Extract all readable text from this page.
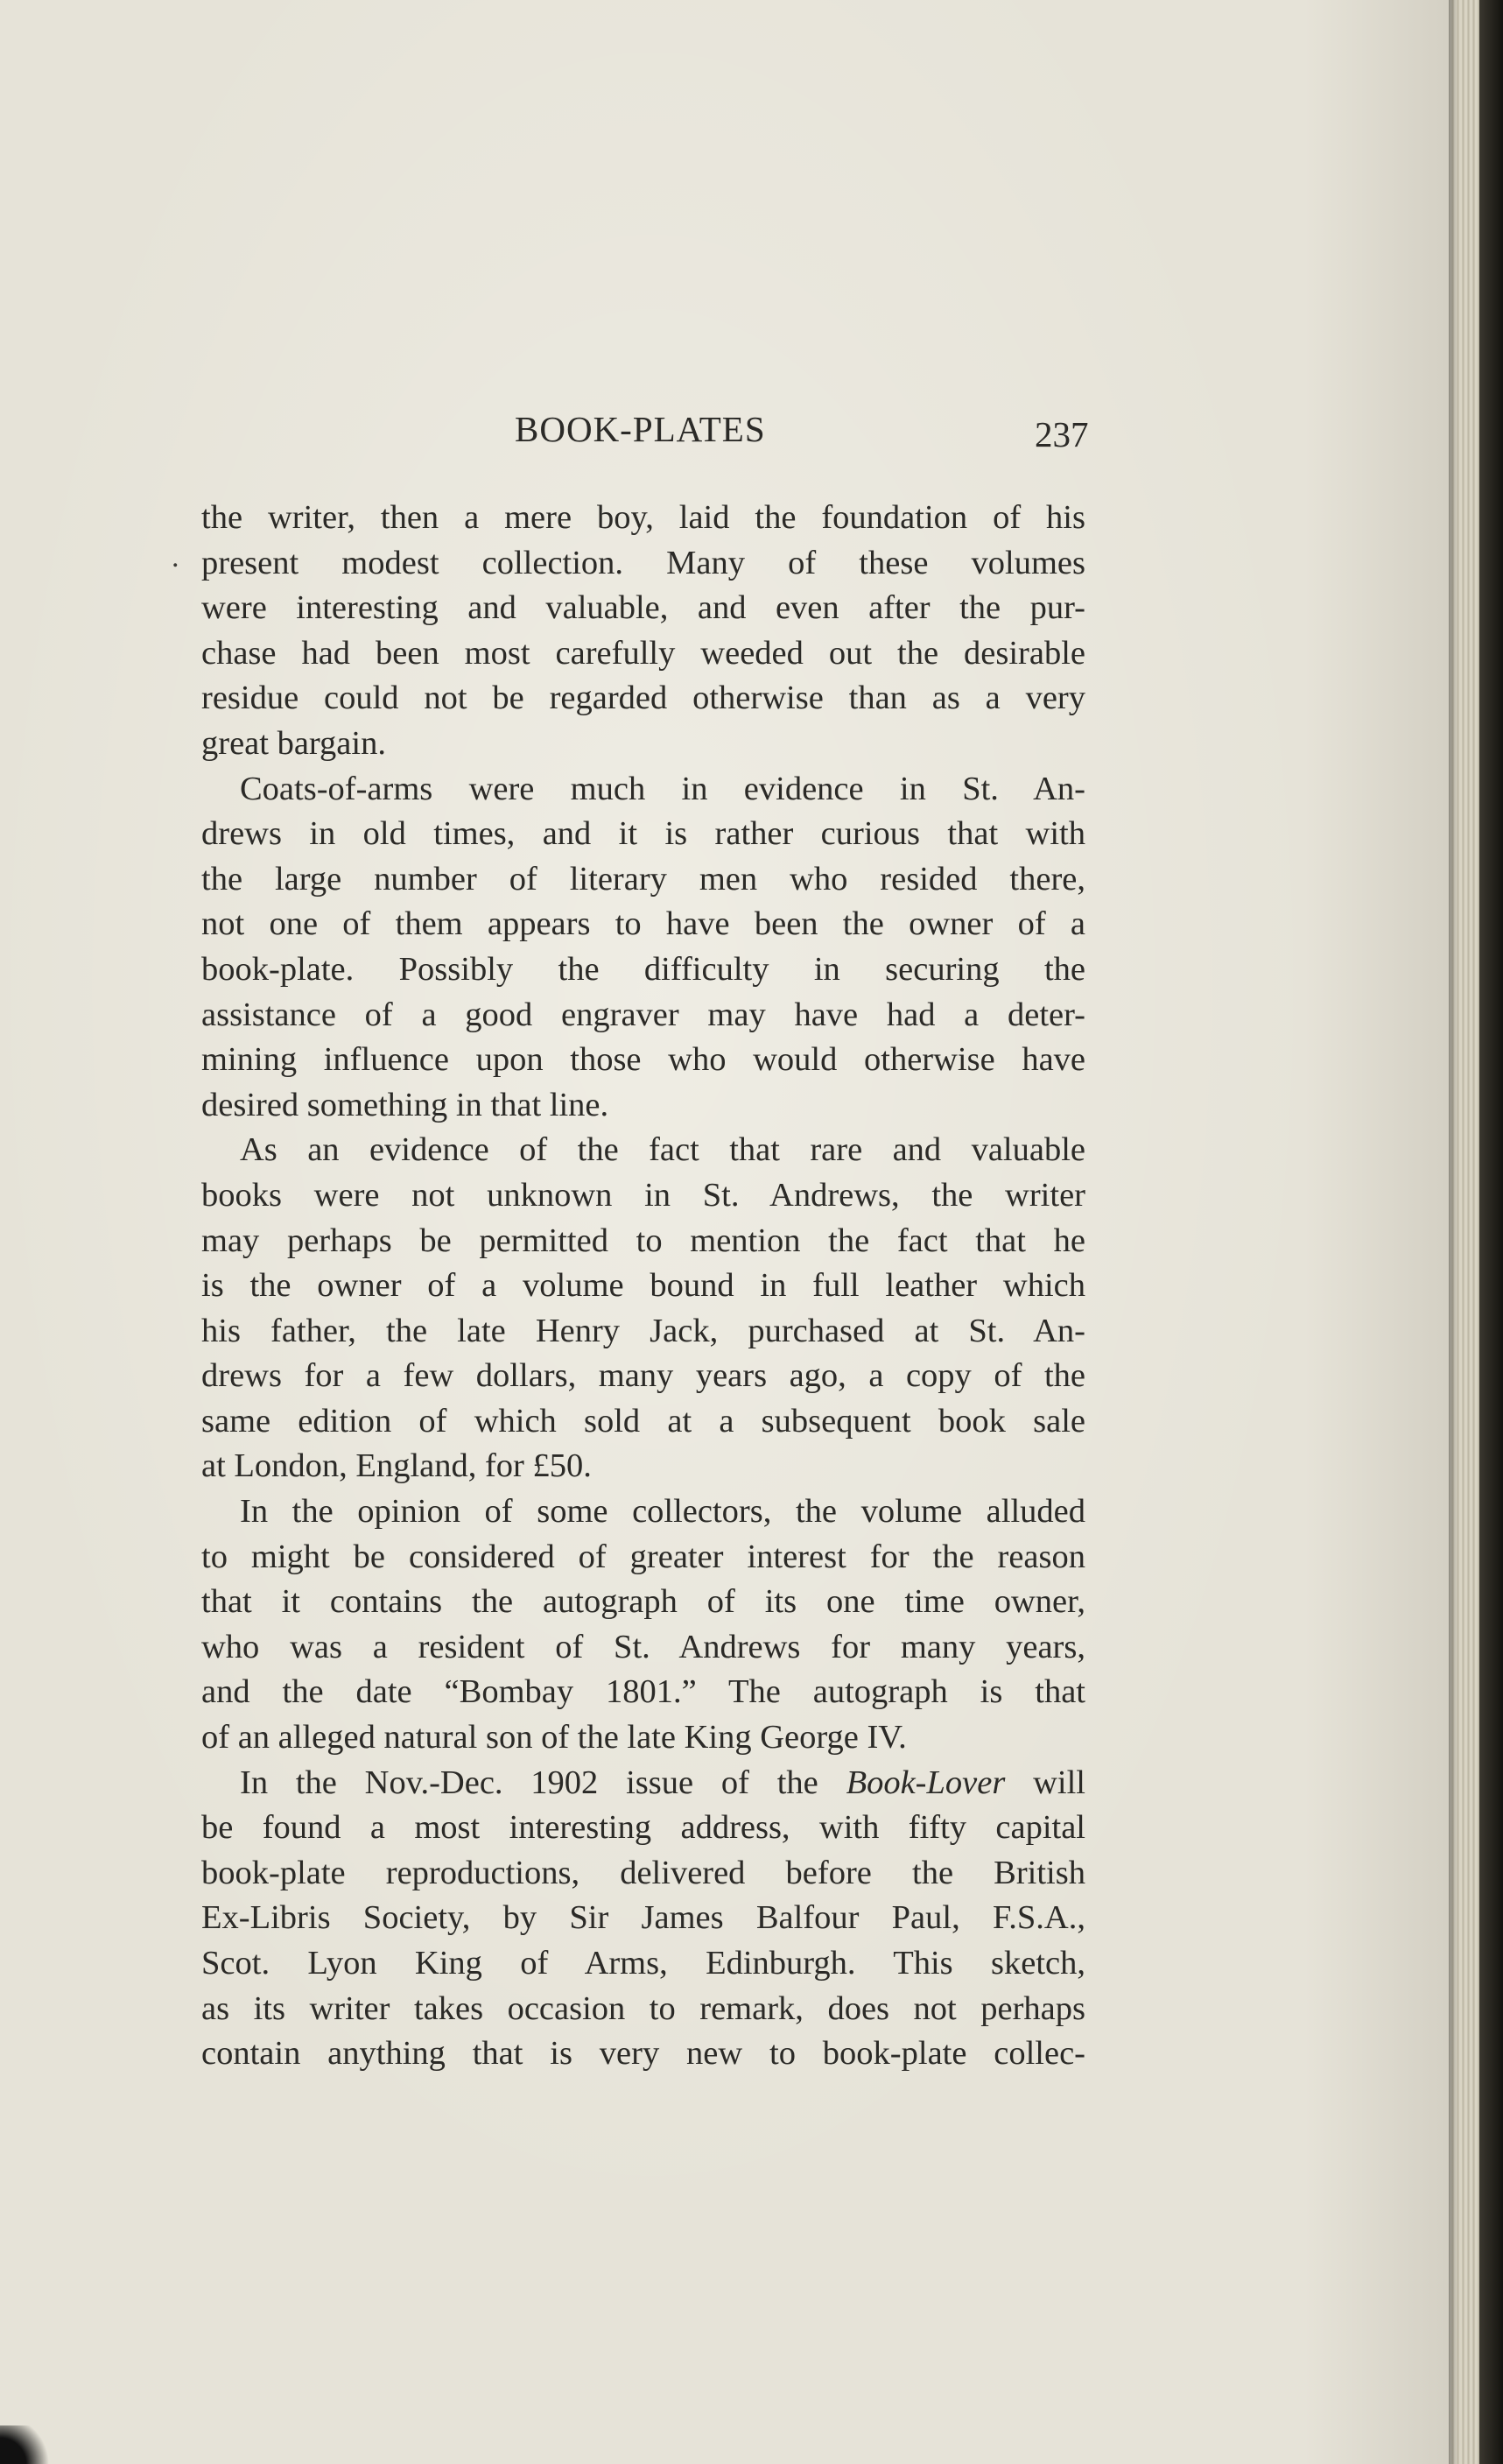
BOOK-PLATES	237
.
the writer, then a mere boy, laid the foundation of his
present modest collection. Many of these volumes
were interesting and valuable, and even after the pur-
chase had been most carefully weeded out the desirable
residue could not be regarded otherwise than as a very
great bargain.
Coats-of-arms were much in evidence in St. An-
drews in old times, and it is rather curious that with
the large number of literary men who resided there,
not one of them appears to have been the owner of a
book-plate. Possibly the difficulty in securing the
assistance of a good engraver may have had a deter-
mining influence upon those who would otherwise have
desired something in that line.
As an evidence of the fact that rare and valuable
books were not unknown in St. Andrews, the writer
may perhaps be permitted to mention the fact that he
is the owner of a volume bound in full leather which
his father, the late Henry Jack, purchased at St. An-
drews for a few dollars, many years ago, a copy of the
same edition of which sold at a subsequent book sale
at London, England, for £50.
In the opinion of some collectors, the volume alluded
to might be considered of greater interest for the reason
that it contains the autograph of its one time owner,
who was a resident of St. Andrews for many years,
and the date “Bombay 1801.” The autograph is that
of an alleged natural son of the late King George IV.
In the Nov.-Dec. 1902 issue of the Book-Lover will
be found a most interesting address, with fifty capital
book-plate reproductions, delivered before the British
Ex-Libris Society, by Sir James Balfour Paul, F.S.A.,
Scot. Lyon King of Arms, Edinburgh. This sketch,
as its writer takes occasion to remark, does not perhaps
contain anything that is very new to book-plate collec-
